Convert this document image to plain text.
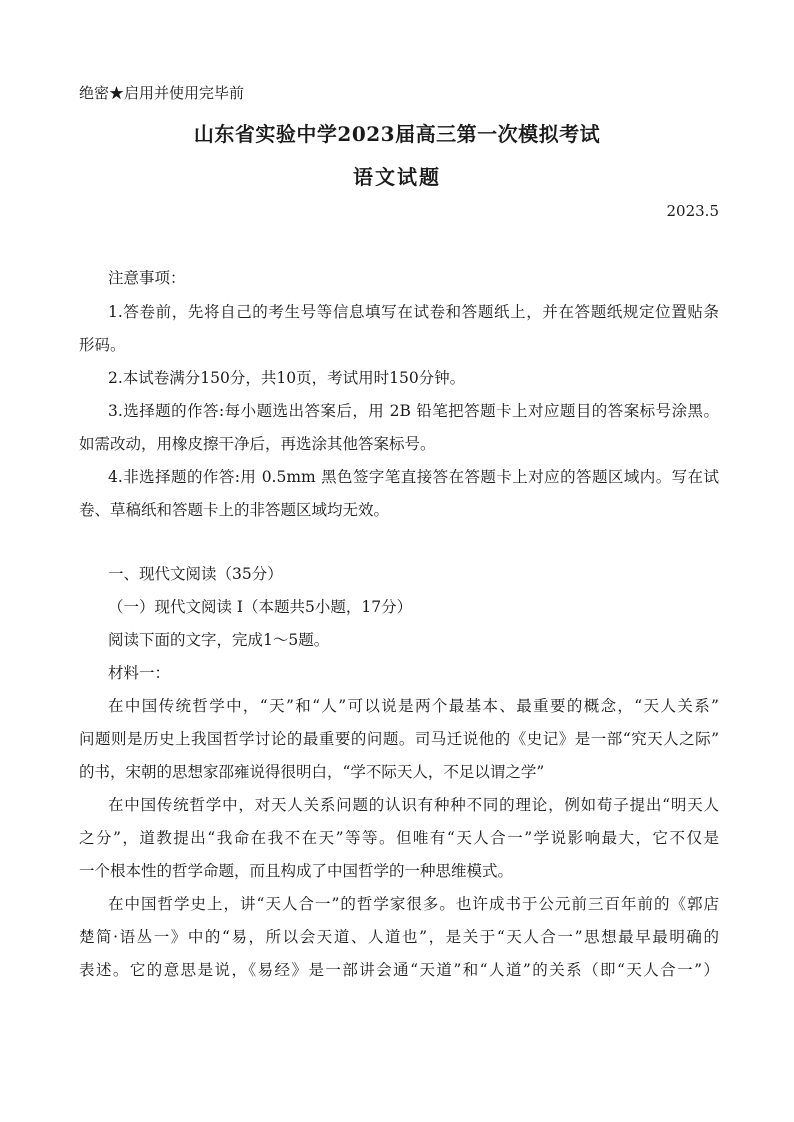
绝密★启用并使用完毕前
山东省实验中学2023届高三第一次模拟考试
语文试题
2023.5
注意事项：
1.答卷前，先将自己的考生号等信息填写在试卷和答题纸上，并在答题纸规定位置贴条
形码。
2.本试卷满分150分，共10页，考试用时150分钟。
3.选择题的作答:每小题选出答案后，用 2B 铅笔把答题卡上对应题目的答案标号涂黑。
如需改动，用橡皮擦干净后，再选涂其他答案标号。
4.非选择题的作答:用 0.5mm 黑色签字笔直接答在答题卡上对应的答题区域内。写在试
卷、草稿纸和答题卡上的非答题区域均无效。
一、现代文阅读（35分）
（一）现代文阅读 I（本题共5小题，17分）
阅读下面的文字，完成1～5题。
材料一：
在中国传统哲学中，“天”和“人”可以说是两个最基本、最重要的概念，“天人关系”
问题则是历史上我国哲学讨论的最重要的问题。司马迁说他的《史记》是一部“究天人之际”
的书，宋朝的思想家邵雍说得很明白，“学不际天人，不足以谓之学”
在中国传统哲学中，对天人关系问题的认识有种种不同的理论，例如荀子提出“明天人
之分”，道教提出“我命在我不在天”等等。但唯有“天人合一”学说影响最大，它不仅是
一个根本性的哲学命题，而且构成了中国哲学的一种思维模式。
在中国哲学史上，讲“天人合一”的哲学家很多。也许成书于公元前三百年前的《郭店
楚简·语丛一》中的“易，所以会天道、人道也”，是关于“天人合一”思想最早最明确的
表述。它的意思是说，《易经》是一部讲会通“天道”和“人道”的关系（即“天人合一”）
